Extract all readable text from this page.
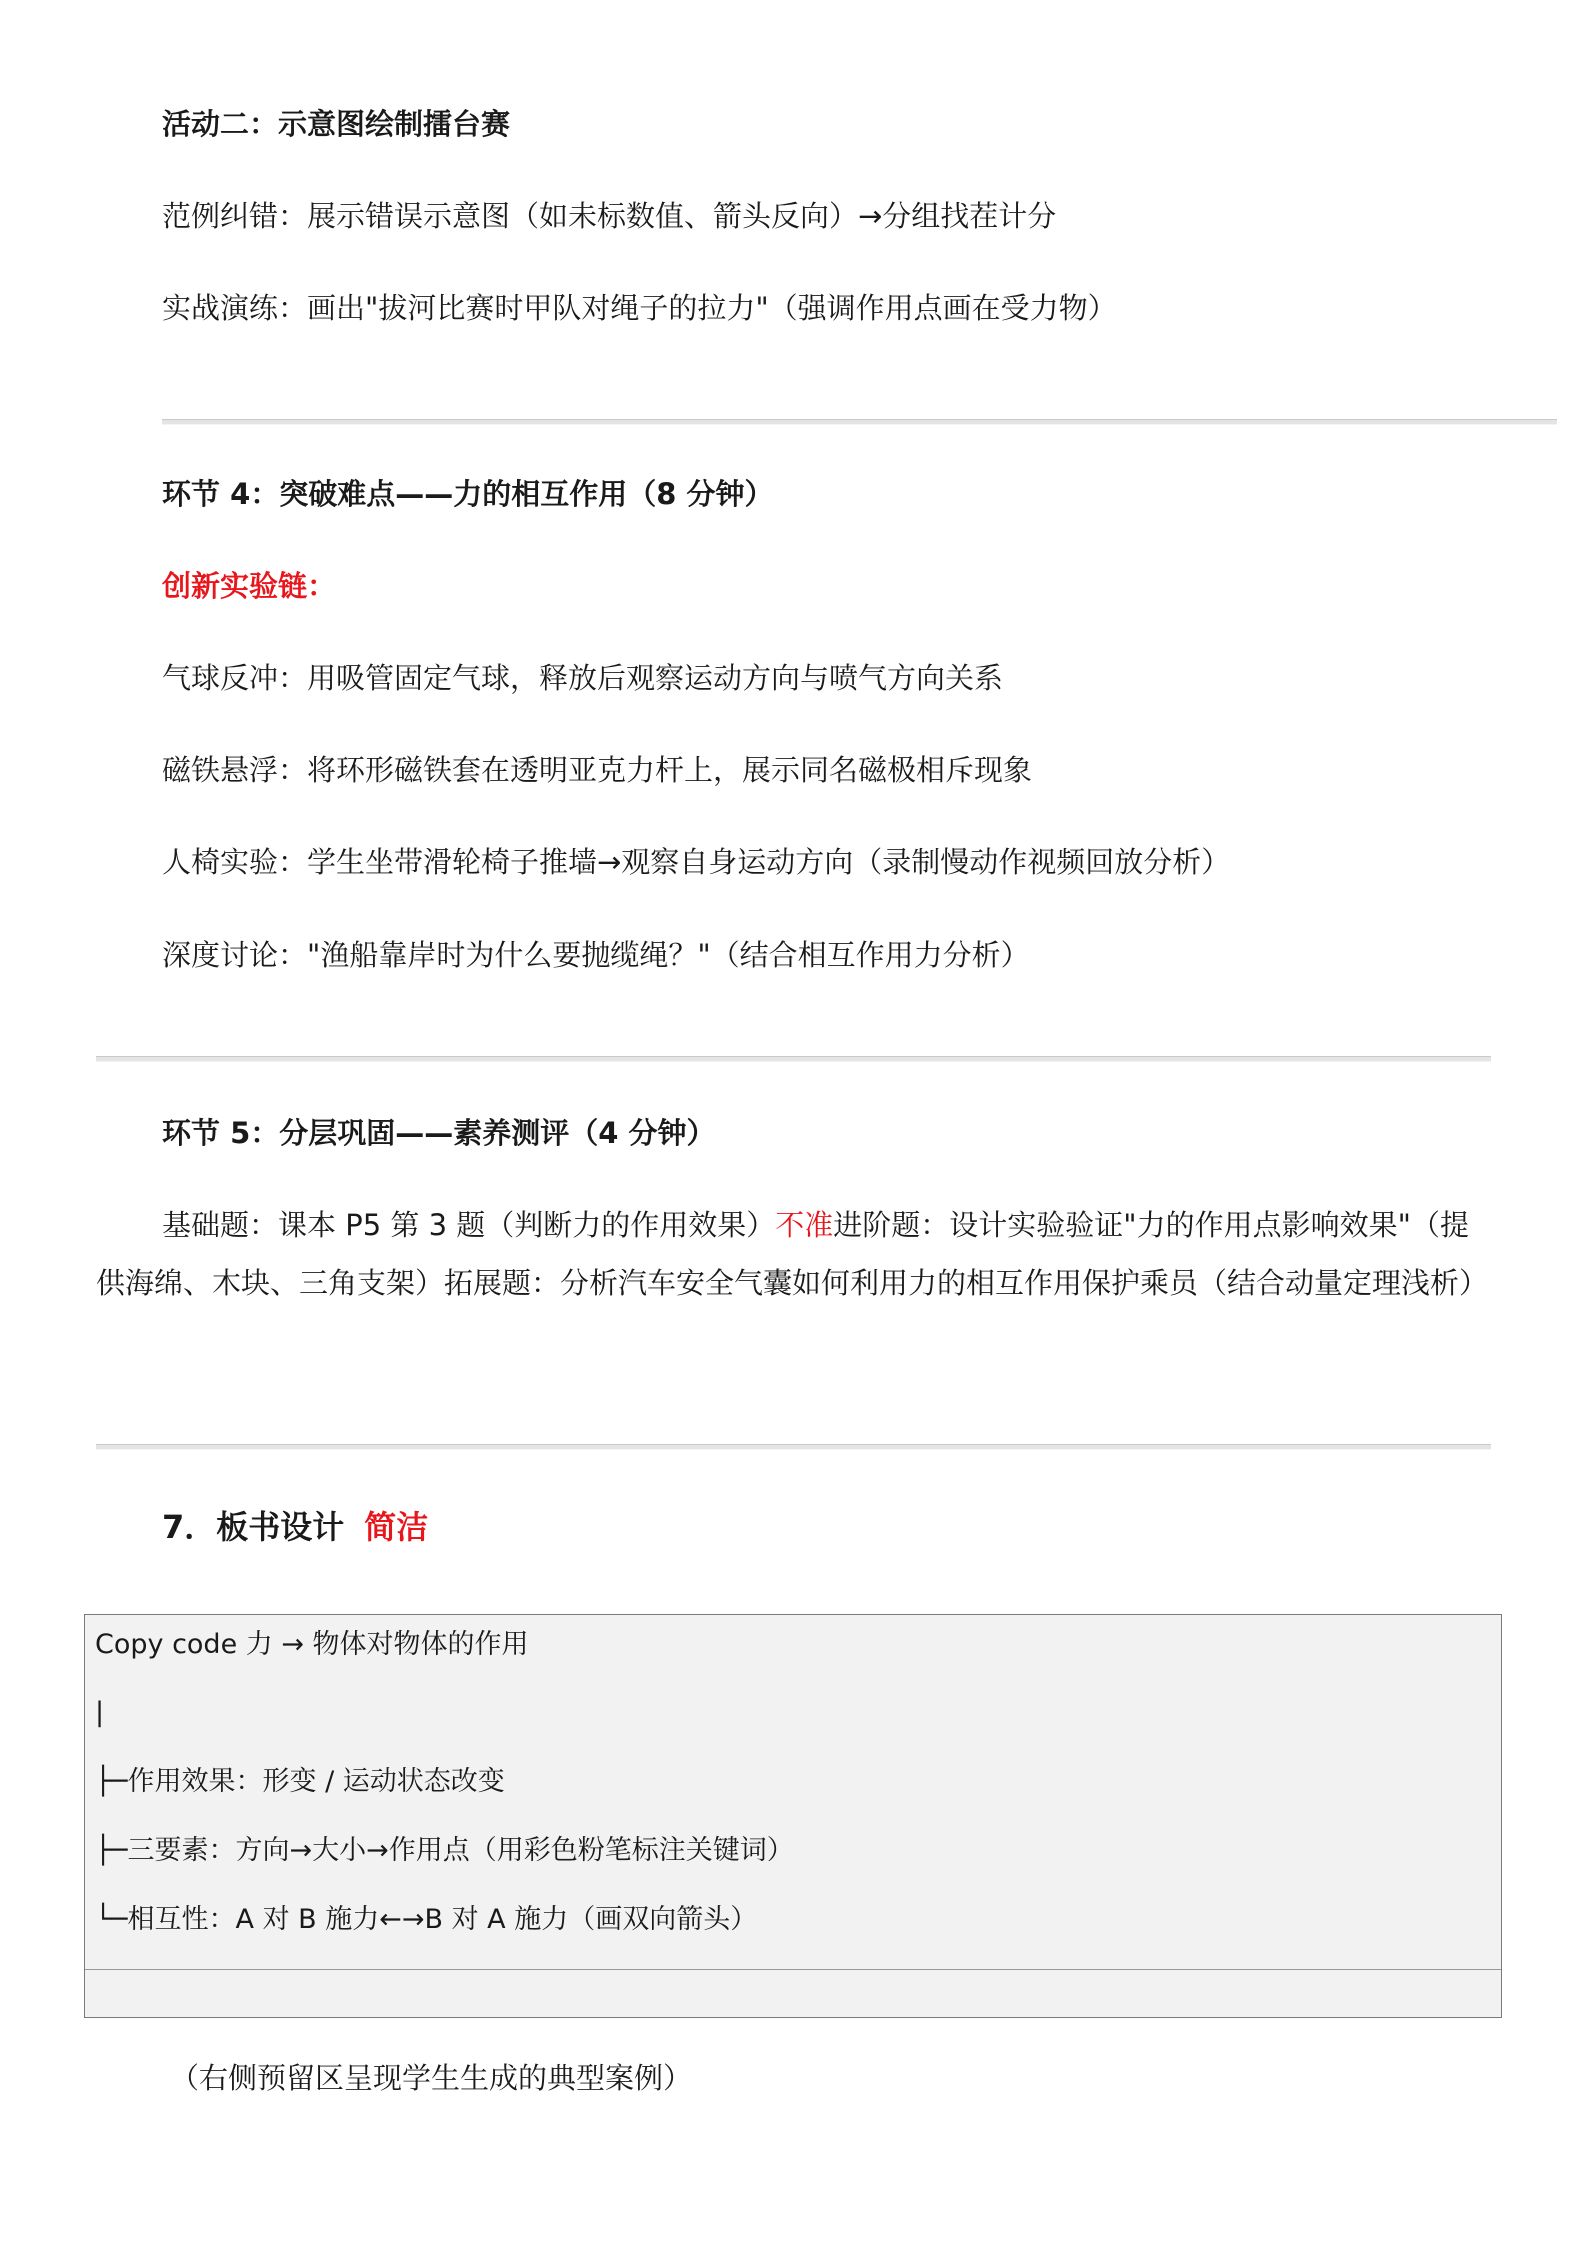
活动二：示意图绘制擂台赛
范例纠错：展示错误示意图（如未标数值、箭头反向）→分组找茬计分
实战演练：画出"拔河比赛时甲队对绳子的拉力"（强调作用点画在受力物）
环节 4：突破难点——力的相互作用（8 分钟）
创新实验链：
气球反冲：用吸管固定气球，释放后观察运动方向与喷气方向关系
磁铁悬浮：将环形磁铁套在透明亚克力杆上，展示同名磁极相斥现象
人椅实验：学生坐带滑轮椅子推墙→观察自身运动方向（录制慢动作视频回放分析）
深度讨论："渔船靠岸时为什么要抛缆绳？"（结合相互作用力分析）
环节 5：分层巩固——素养测评（4 分钟）
基础题：课本 P5 第 3 题（判断力的作用效果）不准进阶题：设计实验验证"力的作用点影响效果"（提供海绵、木块、三角支架）拓展题：分析汽车安全气囊如何利用力的相互作用保护乘员（结合动量定理浅析）
7．板书设计 简洁
Copy code 力 → 物体对物体的作用
|
├─作用效果：形变 / 运动状态改变
├─三要素：方向→大小→作用点（用彩色粉笔标注关键词）
└─相互性：A 对 B 施力←→B 对 A 施力（画双向箭头）
（右侧预留区呈现学生生成的典型案例）
